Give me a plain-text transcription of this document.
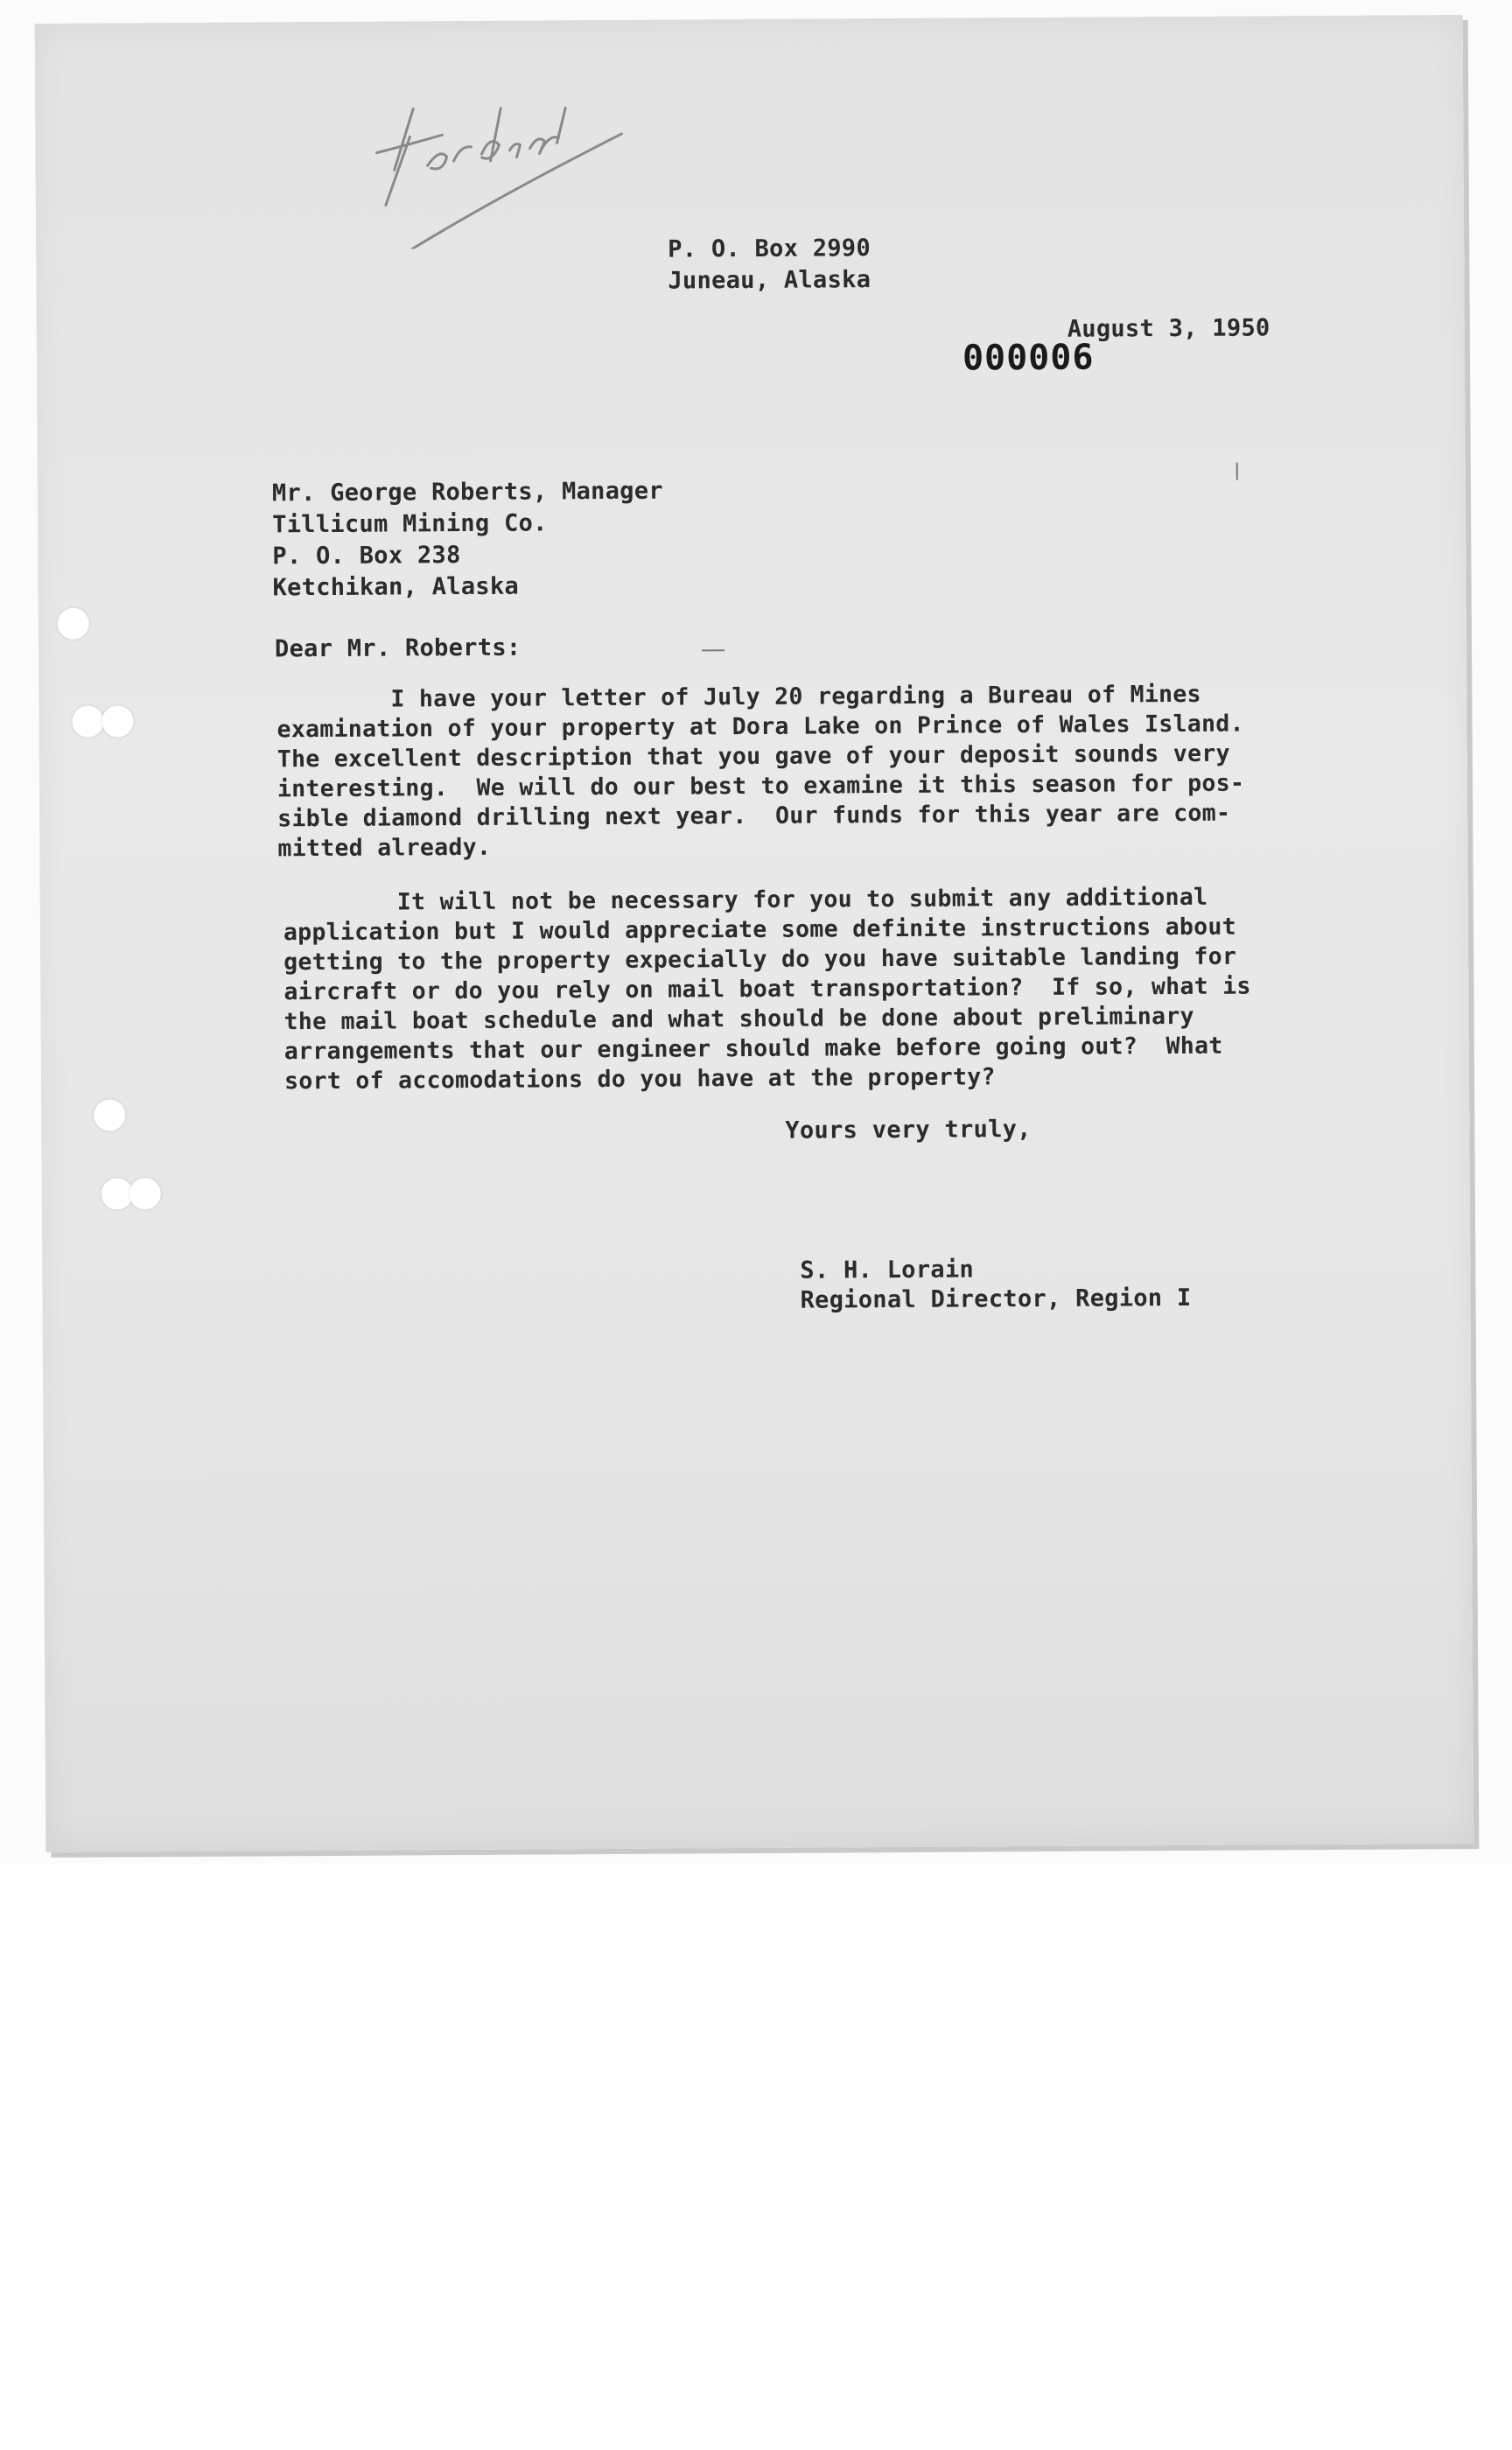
P. O. Box 2990
Juneau, Alaska
August 3, 1950
000006
Mr. George Roberts, Manager
Tillicum Mining Co.
P. O. Box 238
Ketchikan, Alaska
Dear Mr. Roberts:
I have your letter of July 20 regarding a Bureau of Mines
examination of your property at Dora Lake on Prince of Wales Island.
The excellent description that you gave of your deposit sounds very
interesting.  We will do our best to examine it this season for pos-
sible diamond drilling next year.  Our funds for this year are com-
mitted already.
It will not be necessary for you to submit any additional
application but I would appreciate some definite instructions about
getting to the property expecially do you have suitable landing for
aircraft or do you rely on mail boat transportation?  If so, what is
the mail boat schedule and what should be done about preliminary
arrangements that our engineer should make before going out?  What
sort of accomodations do you have at the property?
Yours very truly,
S. H. Lorain
Regional Director, Region I
